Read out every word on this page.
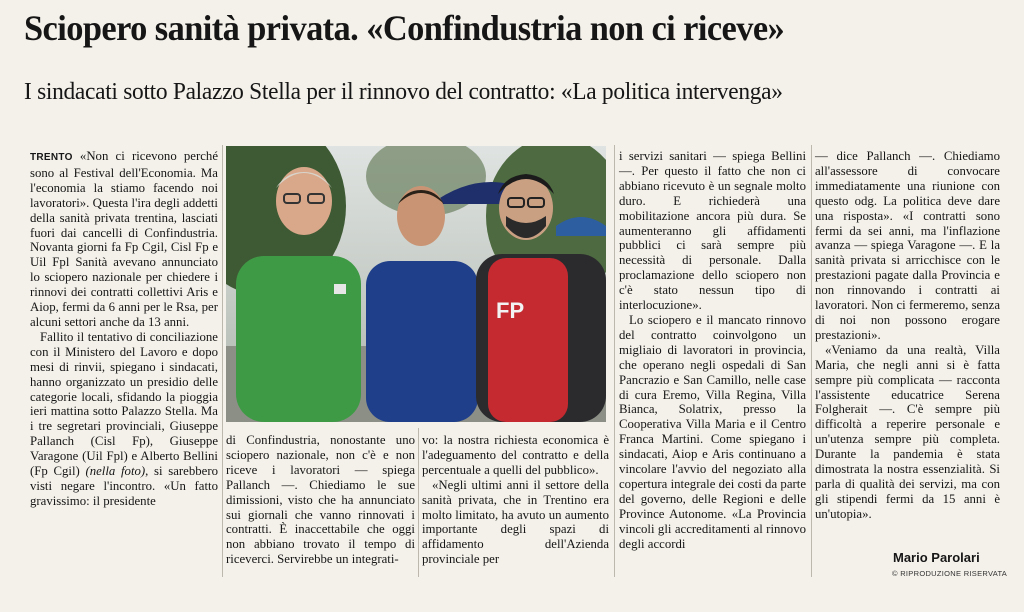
Sciopero sanità privata. «Confindustria non ci riceve»
I sindacati sotto Palazzo Stella per il rinnovo del contratto: «La politica intervenga»

TRENTO «Non ci ricevono perché sono al Festival dell'Economia. Ma l'economia la stiamo facendo noi lavoratori». Questa l'ira degli addetti della sanità privata trentina, lasciati fuori dai cancelli di Confindustria. Novanta giorni fa Fp Cgil, Cisl Fp e Uil Fpl Sanità avevano annunciato lo sciopero nazionale per chiedere i rinnovi dei contratti collettivi Aris e Aiop, fermi da 6 anni per le Rsa, per alcuni settori anche da 13 anni.

Fallito il tentativo di conciliazione con il Ministero del Lavoro e dopo mesi di rinvii, spiegano i sindacati, hanno organizzato un presidio delle categorie locali, sfidando la pioggia ieri mattina sotto Palazzo Stella. Ma i tre segretari provinciali, Giuseppe Pallanch (Cisl Fp), Giuseppe Varagone (Uil Fpl) e Alberto Bellini (Fp Cgil) (nella foto), si sarebbero visti negare l'incontro. «Un fatto gravissimo: il presidente

FP

di Confindustria, nonostante uno sciopero nazionale, non c'è e non riceve i lavoratori — spiega Pallanch —. Chiediamo le sue dimissioni, visto che ha annunciato sui giornali che vanno rinnovati i contratti. È inaccettabile che oggi non abbiano trovato il tempo di riceverci. Servirebbe un integrati-

vo: la nostra richiesta economica è l'adeguamento del contratto e della percentuale a quelli del pubblico».

«Negli ultimi anni il settore della sanità privata, che in Trentino era molto limitato, ha avuto un aumento importante degli spazi di affidamento dell'Azienda provinciale per

i servizi sanitari — spiega Bellini —. Per questo il fatto che non ci abbiano ricevuto è un segnale molto duro. E richiederà una mobilitazione ancora più dura. Se aumenteranno gli affidamenti pubblici ci sarà sempre più necessità di personale. Dalla proclamazione dello sciopero non c'è stato nessun tipo di interlocuzione».

Lo sciopero e il mancato rinnovo del contratto coinvolgono un migliaio di lavoratori in provincia, che operano negli ospedali di San Pancrazio e San Camillo, nelle case di cura Eremo, Villa Regina, Villa Bianca, Solatrix, presso la Cooperativa Villa Maria e il Centro Franca Martini. Come spiegano i sindacati, Aiop e Aris continuano a vincolare l'avvio del negoziato alla copertura integrale dei costi da parte del governo, delle Regioni e delle Province Autonome. «La Provincia vincoli gli accreditamenti al rinnovo degli accordi

— dice Pallanch —. Chiediamo all'assessore di convocare immediatamente una riunione con questo odg. La politica deve dare una risposta». «I contratti sono fermi da sei anni, ma l'inflazione avanza — spiega Varagone —. E la sanità privata si arricchisce con le prestazioni pagate dalla Provincia e non rinnovando i contratti ai lavoratori. Non ci fermeremo, senza di noi non possono erogare prestazioni».

«Veniamo da una realtà, Villa Maria, che negli anni si è fatta sempre più complicata — racconta l'assistente educatrice Serena Folgherait —. C'è sempre più difficoltà a reperire personale e un'utenza sempre più completa. Durante la pandemia è stata dimostrata la nostra essenzialità. Si parla di qualità dei servizi, ma con gli stipendi fermi da 15 anni è un'utopia».

Mario Parolari
© RIPRODUZIONE RISERVATA
